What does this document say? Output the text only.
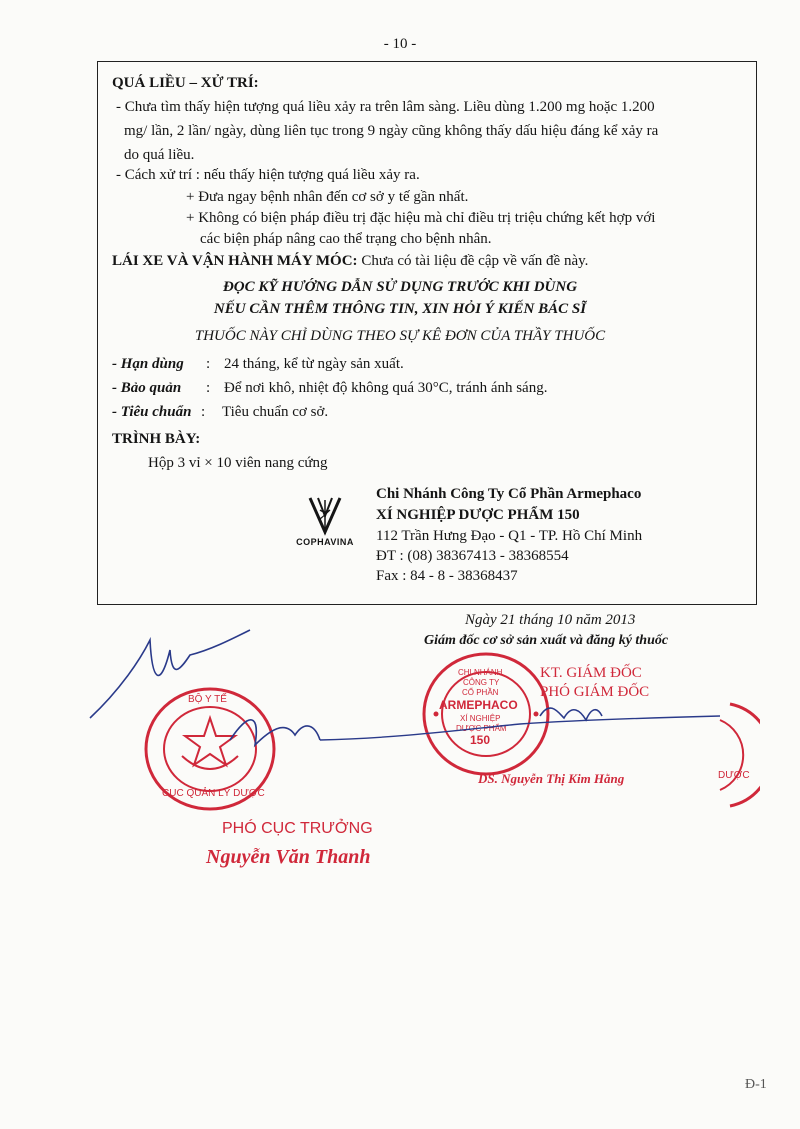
- 10 -
QUÁ LIỀU – XỬ TRÍ:
- Chưa tìm thấy hiện tượng quá liều xảy ra trên lâm sàng. Liều dùng 1.200 mg hoặc 1.200
mg/ lần, 2 lần/ ngày, dùng liên tục trong 9 ngày cũng không thấy dấu hiệu đáng kể xảy ra
do quá liều.
- Cách xử trí : nếu thấy hiện tượng quá liều xảy ra.
+ Đưa ngay bệnh nhân đến cơ sở y tế gần nhất.
+ Không có biện pháp điều trị đặc hiệu mà chỉ điều trị triệu chứng kết hợp với
các biện pháp nâng cao thể trạng cho bệnh nhân.
LÁI XE VÀ VẬN HÀNH MÁY MÓC: Chưa có tài liệu đề cập về vấn đề này.
ĐỌC KỸ HƯỚNG DẪN SỬ DỤNG TRƯỚC KHI DÙNG
NẾU CẦN THÊM THÔNG TIN, XIN HỎI Ý KIẾN BÁC SĨ
THUỐC NÀY CHỈ DÙNG THEO SỰ KÊ ĐƠN CỦA THẦY THUỐC
- Hạn dùng : 24 tháng, kể từ ngày sản xuất.
- Bảo quản : Để nơi khô, nhiệt độ không quá 30°C, tránh ánh sáng.
- Tiêu chuẩn : Tiêu chuẩn cơ sở.
TRÌNH BÀY:
Hộp 3 vỉ × 10 viên nang cứng
COPHAVINA
Chi Nhánh Công Ty Cổ Phần Armephaco
XÍ NGHIỆP DƯỢC PHẨM 150
112 Trần Hưng Đạo - Q1 - TP. Hồ Chí Minh
ĐT : (08) 38367413 - 38368554
Fax : 84 - 8 - 38368437
Ngày 21 tháng 10 năm 2013
Giám đốc cơ sở sản xuất và đăng ký thuốc
CHI NHÁNH
CÔNG TY
CỔ PHẦN
ARMEPHACO
XÍ NGHIỆP
DƯỢC PHẨM
150
KT. GIÁM ĐỐC
PHÓ GIÁM ĐỐC
DS. Nguyễn Thị Kim Hằng
BỘ Y TẾ
CỤC QUẢN LÝ DƯỢC
DƯỢC
PHÓ CỤC TRƯỞNG
Nguyễn Văn Thanh
Đ-1
